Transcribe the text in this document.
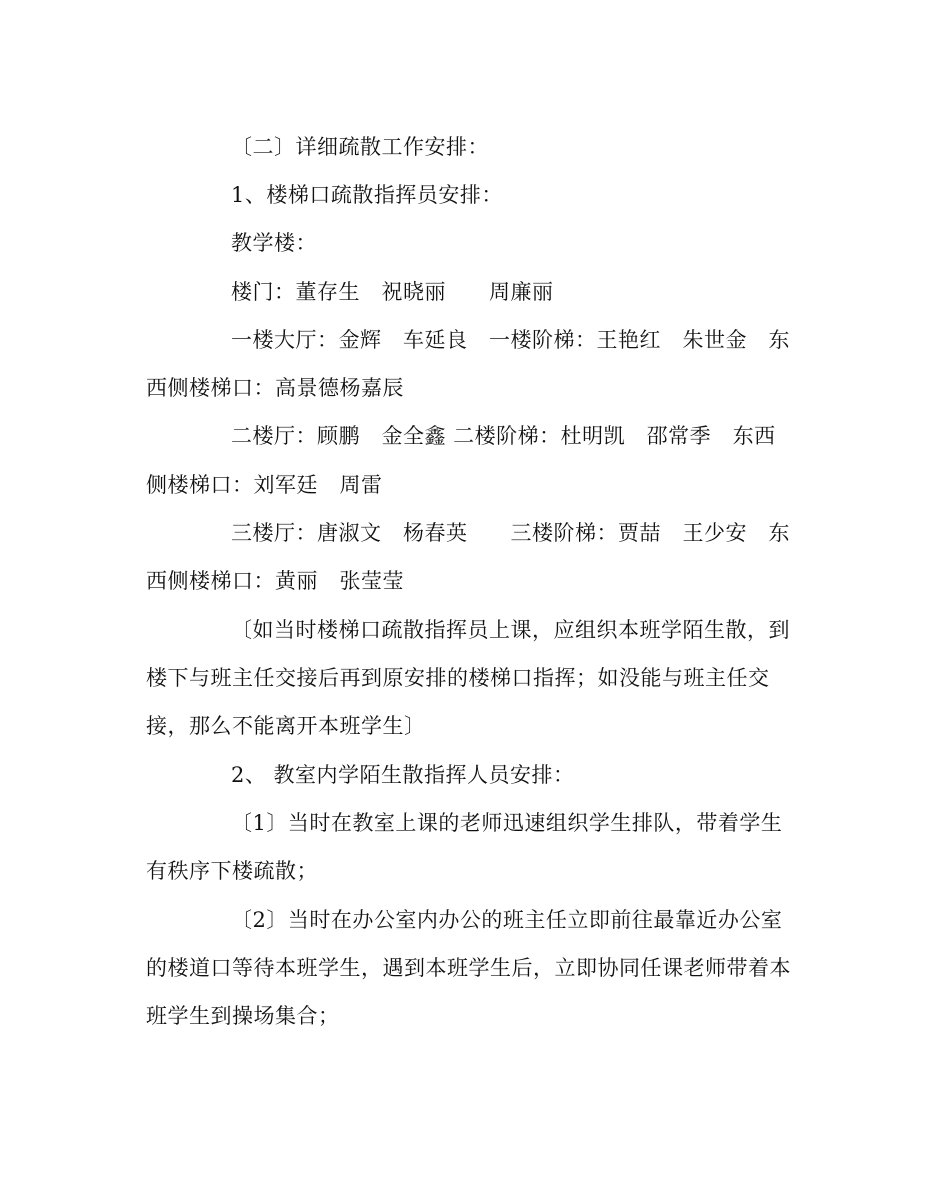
〔二〕详细疏散工作安排：
1、楼梯口疏散指挥员安排：
教学楼：
楼门：董存生　祝晓丽　　周廉丽
一楼大厅：金辉　车延良　一楼阶梯：王艳红　朱世金　东
西侧楼梯口：高景德杨嘉辰
二楼厅：顾鹏　金全鑫 二楼阶梯：杜明凯　邵常季　东西
侧楼梯口：刘军廷　周雷
三楼厅：唐淑文　杨春英　　三楼阶梯：贾喆　王少安　东
西侧楼梯口：黄丽　张莹莹
〔如当时楼梯口疏散指挥员上课，应组织本班学陌生散，到
楼下与班主任交接后再到原安排的楼梯口指挥；如没能与班主任交
接，那么不能离开本班学生〕
2、 教室内学陌生散指挥人员安排：
〔1〕当时在教室上课的老师迅速组织学生排队，带着学生
有秩序下楼疏散；
〔2〕当时在办公室内办公的班主任立即前往最靠近办公室
的楼道口等待本班学生，遇到本班学生后，立即协同任课老师带着本
班学生到操场集合；
